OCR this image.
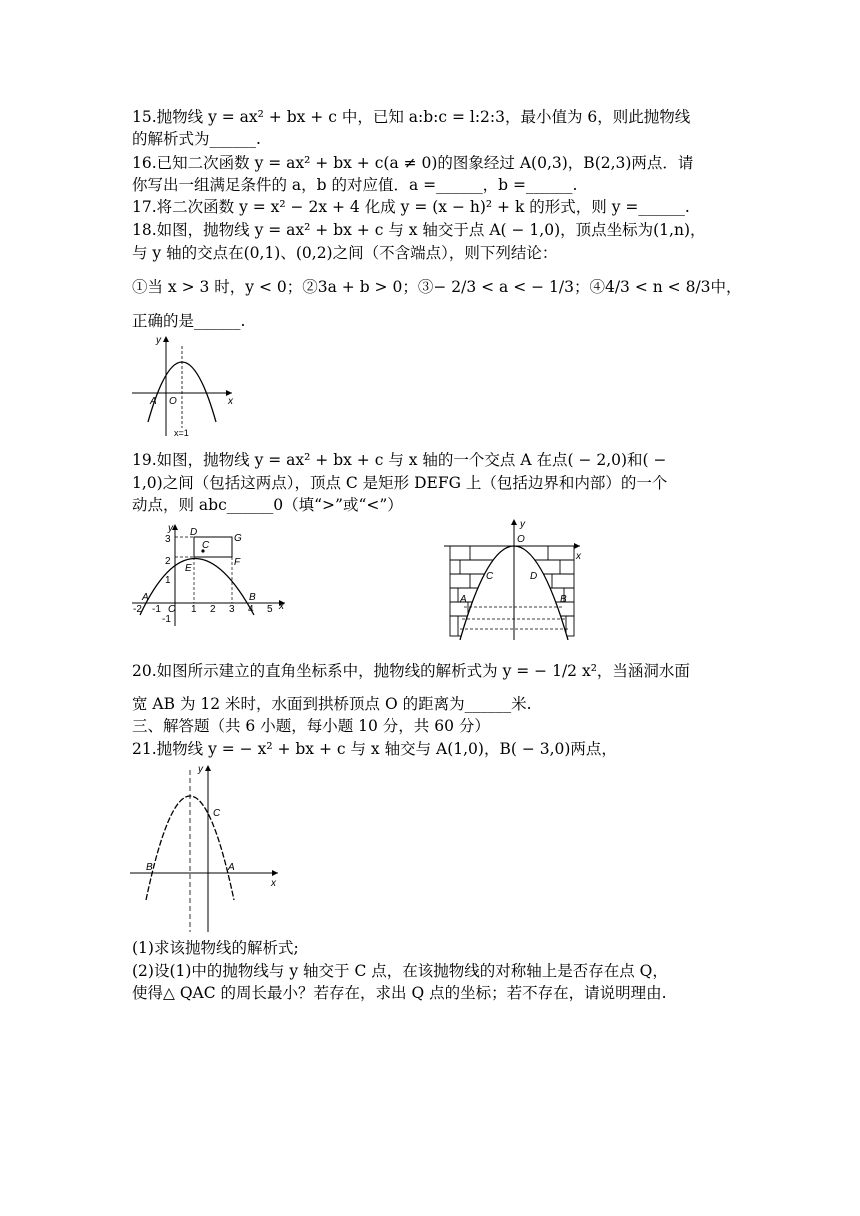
15.抛物线 y = ax² + bx + c 中，已知 a:b:c = l:2:3，最小值为 6，则此抛物线
的解析式为______.
16.已知二次函数 y = ax² + bx + c(a ≠ 0)的图象经过 A(0,3)，B(2,3)两点．请
你写出一组满足条件的 a，b 的对应值．a =______，b =______.
17.将二次函数 y = x² − 2x + 4 化成 y = (x − h)² + k 的形式，则 y =______.
18.如图，抛物线 y = ax² + bx + c 与 x 轴交于点 A( − 1,0)，顶点坐标为(1,n)，
与 y 轴的交点在(0,1)、(0,2)之间（不含端点），则下列结论：
①当 x > 3 时，y < 0；②3a + b > 0；③− 2/3 < a < − 1/3；④4/3 < n < 8/3中，
正确的是______.
y
x
A O
x=1
19.如图，抛物线 y = ax² + bx + c 与 x 轴的一个交点 A 在点( − 2,0)和( −
1,0)之间（包括这两点），顶点 C 是矩形 DEFG 上（包括边界和内部）的一个
动点，则 abc______0（填“>”或“<”）
y
x
D
G
C
E
F
A	B
O
3
2
1
-1
-2 -1	1 2 3 4 5
y
x
O
C	D
A	B
20.如图所示建立的直角坐标系中，抛物线的解析式为 y = − 1/2 x²，当涵洞水面
宽 AB 为 12 米时，水面到拱桥顶点 O 的距离为______米.
三、解答题（共 6 小题，每小题 10 分，共 60 分）
21.抛物线 y = − x² + bx + c 与 x 轴交与 A(1,0)，B( − 3,0)两点，
y
x
C
B	A
(1)求该抛物线的解析式;
(2)设(1)中的抛物线与 y 轴交于 C 点，在该抛物线的对称轴上是否存在点 Q，
使得△ QAC 的周长最小？若存在，求出 Q 点的坐标；若不存在，请说明理由.
